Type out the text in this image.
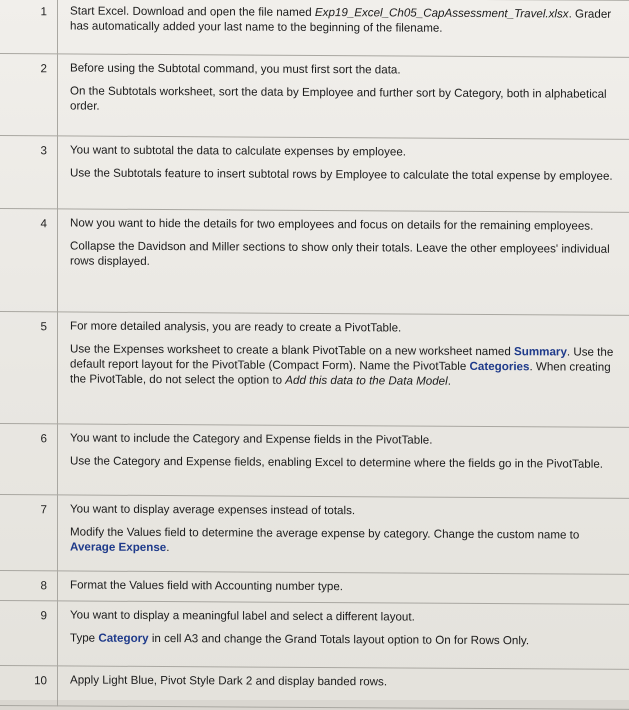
1	Start Excel. Download and open the file named Exp19_Excel_Ch05_CapAssessment_Travel.xlsx. Grader has automatically added your last name to the beginning of the filename.

2	Before using the Subtotal command, you must first sort the data.
On the Subtotals worksheet, sort the data by Employee and further sort by Category, both in alphabetical order.

3	You want to subtotal the data to calculate expenses by employee.
Use the Subtotals feature to insert subtotal rows by Employee to calculate the total expense by employee.

4	Now you want to hide the details for two employees and focus on details for the remaining employees.
Collapse the Davidson and Miller sections to show only their totals. Leave the other employees' individual rows displayed.

5	For more detailed analysis, you are ready to create a PivotTable.
Use the Expenses worksheet to create a blank PivotTable on a new worksheet named Summary. Use the default report layout for the PivotTable (Compact Form). Name the PivotTable Categories. When creating the PivotTable, do not select the option to Add this data to the Data Model.

6	You want to include the Category and Expense fields in the PivotTable.
Use the Category and Expense fields, enabling Excel to determine where the fields go in the PivotTable.

7	You want to display average expenses instead of totals.
Modify the Values field to determine the average expense by category. Change the custom name to Average Expense.

8	Format the Values field with Accounting number type.

9	You want to display a meaningful label and select a different layout.
Type Category in cell A3 and change the Grand Totals layout option to On for Rows Only.

10	Apply Light Blue, Pivot Style Dark 2 and display banded rows.
